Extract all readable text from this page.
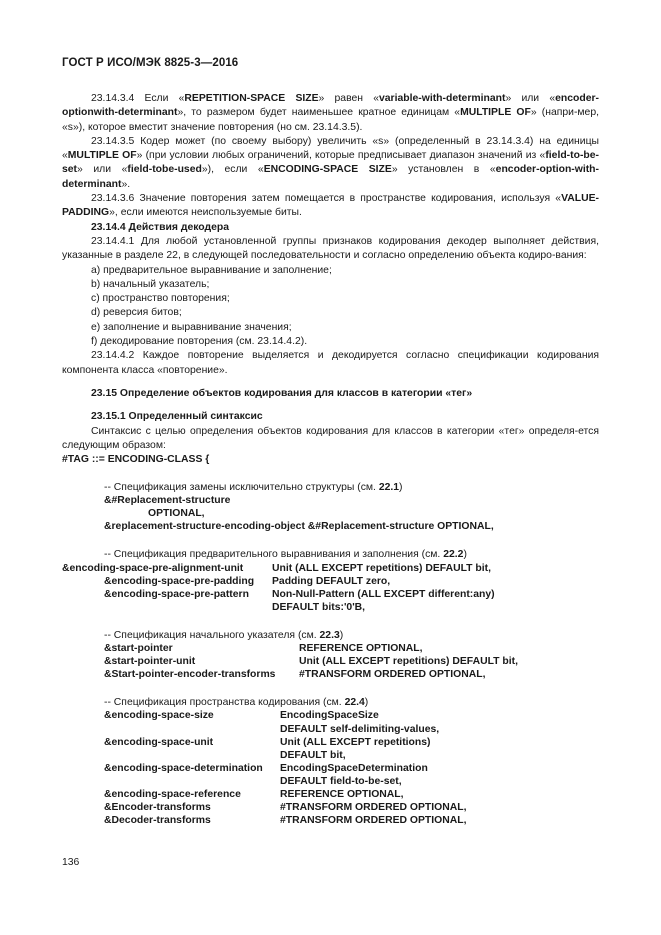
ГОСТ Р ИСО/МЭК 8825-3—2016

23.14.3.4 Если «REPETITION-SPACE SIZE» равен «variable-with-determinant» или «encoder-optionwith-determinant», то размером будет наименьшее кратное единицам «MULTIPLE OF» (напри-мер, «s»), которое вместит значение повторения (но см. 23.14.3.5).

23.14.3.5 Кодер может (по своему выбору) увеличить «s» (определенный в 23.14.3.4) на единицы «MULTIPLE OF» (при условии любых ограничений, которые предписывает диапазон значений из «field-to-be-set» или «field-tobe-used»), если «ENCODING-SPACE SIZE» установлен в «encoder-option-with-determinant».

23.14.3.6 Значение повторения затем помещается в пространстве кодирования, используя «VALUE-PADDING», если имеются неиспользуемые биты.

23.14.4 Действия декодера

23.14.4.1 Для любой установленной группы признаков кодирования декодер выполняет действия, указанные в разделе 22, в следующей последовательности и согласно определению объекта кодиро-вания:

a) предварительное выравнивание и заполнение;

b) начальный указатель;

c) пространство повторения;

d) реверсия битов;

e) заполнение и выравнивание значения;

f) декодирование повторения (см. 23.14.4.2).

23.14.4.2 Каждое повторение выделяется и декодируется согласно спецификации кодирования компонента класса «повторение».

23.15 Определение объектов кодирования для классов в категории «тег»

23.15.1 Определенный синтаксис

Синтаксис с целью определения объектов кодирования для классов в категории «тег» определя-ется следующим образом:

#TAG ::= ENCODING-CLASS {

-- Спецификация замены исключительно структуры (см. 22.1)

&#Replacement-structure

OPTIONAL,

&replacement-structure-encoding-object &#Replacement-structure OPTIONAL,

-- Спецификация предварительного выравнивания и заполнения (см. 22.2)

&encoding-space-pre-alignment-unit	Unit (ALL EXCEPT repetitions) DEFAULT bit,
&encoding-space-pre-padding	Padding DEFAULT zero,
&encoding-space-pre-pattern	Non-Null-Pattern (ALL EXCEPT different:any)
DEFAULT bits:'0'B,

-- Спецификация начального указателя (см. 22.3)

&start-pointer	REFERENCE OPTIONAL,
&start-pointer-unit	Unit (ALL EXCEPT repetitions) DEFAULT bit,
&Start-pointer-encoder-transforms	#TRANSFORM ORDERED OPTIONAL,

-- Спецификация пространства кодирования (см. 22.4)

&encoding-space-size	EncodingSpaceSize
DEFAULT self-delimiting-values,
&encoding-space-unit	Unit (ALL EXCEPT repetitions)
DEFAULT bit,
&encoding-space-determination	EncodingSpaceDetermination
DEFAULT field-to-be-set,
&encoding-space-reference	REFERENCE OPTIONAL,
&Encoder-transforms	#TRANSFORM ORDERED OPTIONAL,
&Decoder-transforms	#TRANSFORM ORDERED OPTIONAL,
136
